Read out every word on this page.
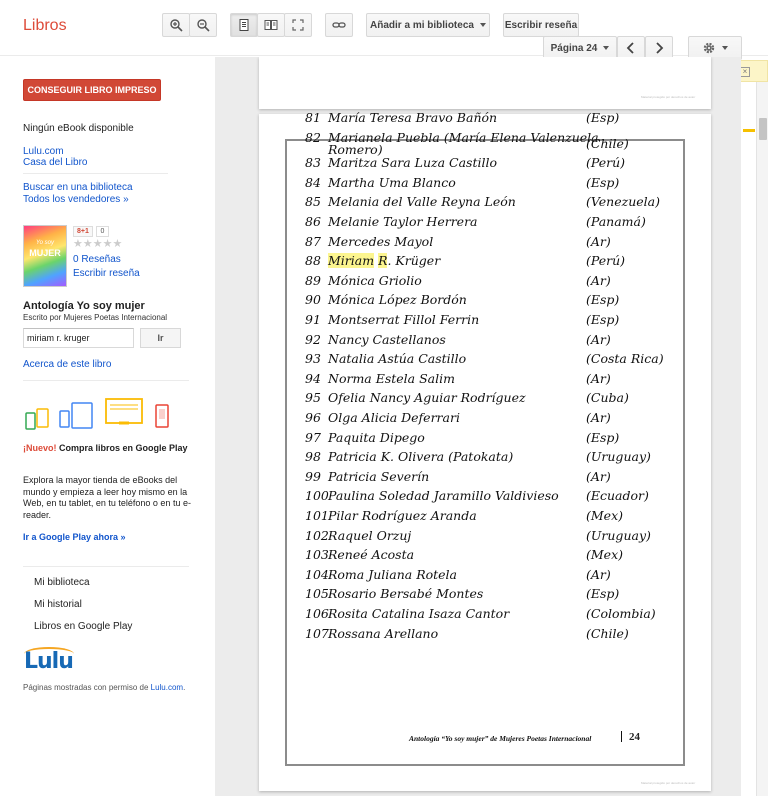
Libros	Añadir a mi biblioteca	Escribir reseña
Página 24
×
CONSEGUIR LIBRO IMPRESO
Ningún eBook disponible
Lulu.com
Casa del Libro
Buscar en una biblioteca
Todos los vendedores »
Yo soy
MUJER
8+1	0
★★★★★
0 Reseñas
Escribir reseña
Antología Yo soy mujer
Escrito por Mujeres Poetas Internacional
miriam r. kruger
Ir
Acerca de este libro
¡Nuevo! Compra libros en Google Play
Explora la mayor tienda de eBooks del mundo y empieza a leer hoy mismo en la Web, en tu tablet, en tu teléfono o en tu e-reader.
Ir a Google Play ahora »
Mi biblioteca
Mi historial
Libros en Google Play
Lulu
Páginas mostradas con permiso de Lulu.com.
Material protegido por derechos de autor
81 María Teresa Bravo Bañón	(Esp)
82 Marianela Puebla (María Elena Valenzuela
Romero)	(Chile)
83 Maritza Sara Luza Castillo	(Perú)
84 Martha Uma Blanco	(Esp)
85 Melania del Valle Reyna León	(Venezuela)
86 Melanie Taylor Herrera	(Panamá)
87 Mercedes Mayol	(Ar)
88 Miriam R. Krüger	(Perú)
89 Mónica Griolio	(Ar)
90 Mónica López Bordón	(Esp)
91 Montserrat Fillol Ferrin	(Esp)
92 Nancy Castellanos	(Ar)
93 Natalia Astúa Castillo	(Costa Rica)
94 Norma Estela Salim	(Ar)
95 Ofelia Nancy Aguiar Rodríguez	(Cuba)
96 Olga Alicia Deferrari	(Ar)
97 Paquita Dipego	(Esp)
98 Patricia K. Olivera (Patokata)	(Uruguay)
99 Patricia Severín	(Ar)
100 Paulina Soledad Jaramillo Valdivieso (Ecuador)
101 Pilar Rodríguez Aranda	(Mex)
102 Raquel Orzuj	(Uruguay)
103 Reneé Acosta	(Mex)
104 Roma Juliana Rotela	(Ar)
105 Rosario Bersabé Montes	(Esp)
106 Rosita Catalina Isaza Cantor	(Colombia)
107 Rossana Arellano	(Chile)
Antología “Yo soy mujer” de Mujeres Poetas Internacional	24
Material protegido por derechos de autor
